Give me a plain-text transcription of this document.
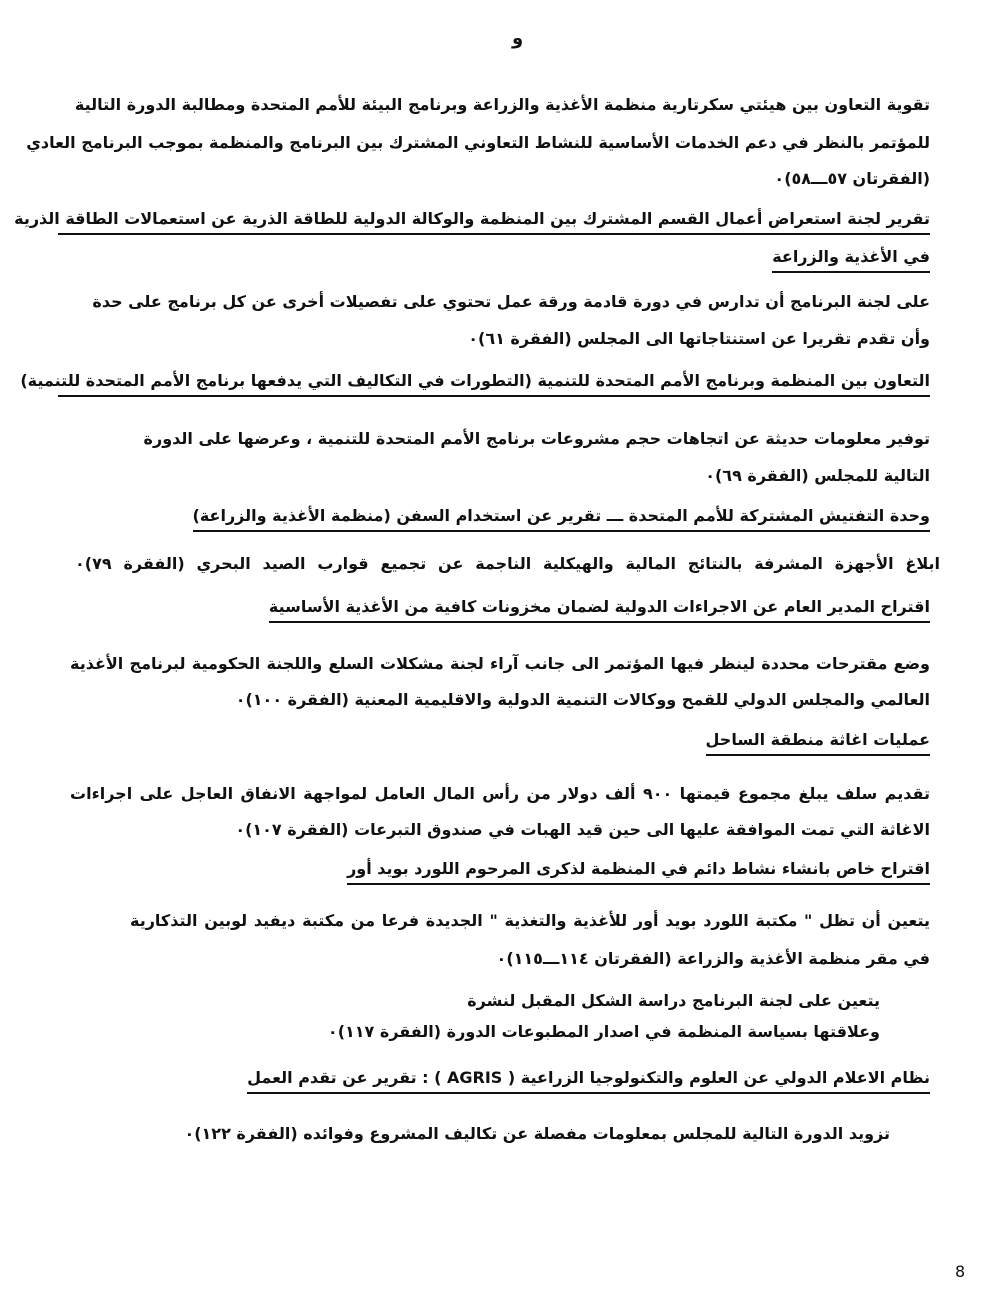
و
تقوية التعاون بين هيئتي سكرتارية منظمة الأغذية والزراعة وبرنامج البيئة للأمم المتحدة ومطالبة الدورة التالية
للمؤتمر بالنظر في دعم الخدمات الأساسية للنشاط التعاوني المشترك بين البرنامج والمنظمة بموجب البرنامج العادي
(الفقرتان ٥٧ـــ٥٨)٠
تقرير لجنة استعراض أعمال القسم المشترك بين المنظمة والوكالة الدولية للطاقة الذرية عن استعمالات الطاقة الذرية
في الأغذية والزراعة
على لجنة البرنامج أن تدارس في دورة قادمة ورقة عمل تحتوي على تفصيلات أخرى عن كل برنامج على حدة
وأن تقدم تقريرا عن استنتاجاتها الى المجلس (الفقرة ٦١)٠
التعاون بين المنظمة وبرنامج الأمم المتحدة للتنمية (التطورات في التكاليف التي يدفعها برنامج الأمم المتحدة للتنمية)
توفير معلومات حديثة عن اتجاهات حجم مشروعات برنامج الأمم المتحدة للتنمية ، وعرضها على الدورة
التالية للمجلس (الفقرة ٦٩)٠
وحدة التفتيش المشتركة للأمم المتحدة ـــ تقرير عن استخدام السفن (منظمة الأغذية والزراعة)
ابلاغ الأجهزة المشرفة بالنتائج المالية والهيكلية الناجمة عن تجميع قوارب الصيد البحري (الفقرة ٧٩)٠
اقتراح المدير العام عن الاجراءات الدولية لضمان مخزونات كافية من الأغذية الأساسية
وضع مقترحات محددة لينظر فيها المؤتمر الى جانب آراء لجنة مشكلات السلع واللجنة الحكومية لبرنامج الأغذية
العالمي والمجلس الدولي للقمح ووكالات التنمية الدولية والاقليمية المعنية (الفقرة ١٠٠)٠
عمليات اغاثة منطقة الساحل
تقديم سلف يبلغ مجموع قيمتها ٩٠٠ ألف دولار من رأس المال العامل لمواجهة الانفاق العاجل على اجراءات
الاغاثة التي تمت الموافقة عليها الى حين قيد الهبات في صندوق التبرعات (الفقرة ١٠٧)٠
اقتراح خاص بانشاء نشاط دائم في المنظمة لذكرى المرحوم اللورد بويد أور
يتعين أن تظل " مكتبة اللورد بويد أور للأغذية والتغذية " الجديدة فرعا من مكتبة ديفيد لوبين التذكارية
في مقر منظمة الأغذية والزراعة (الفقرتان ١١٤ـــ١١٥)٠
يتعين على لجنة البرنامج دراسة الشكل المقبل لنشرة
وعلاقتها بسياسة المنظمة في اصدار المطبوعات الدورة (الفقرة ١١٧)٠
نظام الاعلام الدولي عن العلوم والتكنولوجيا الزراعية ( AGRIS ) : تقرير عن تقدم العمل
تزويد الدورة التالية للمجلس بمعلومات مفصلة عن تكاليف المشروع وفوائده (الفقرة ١٢٢)٠
8
